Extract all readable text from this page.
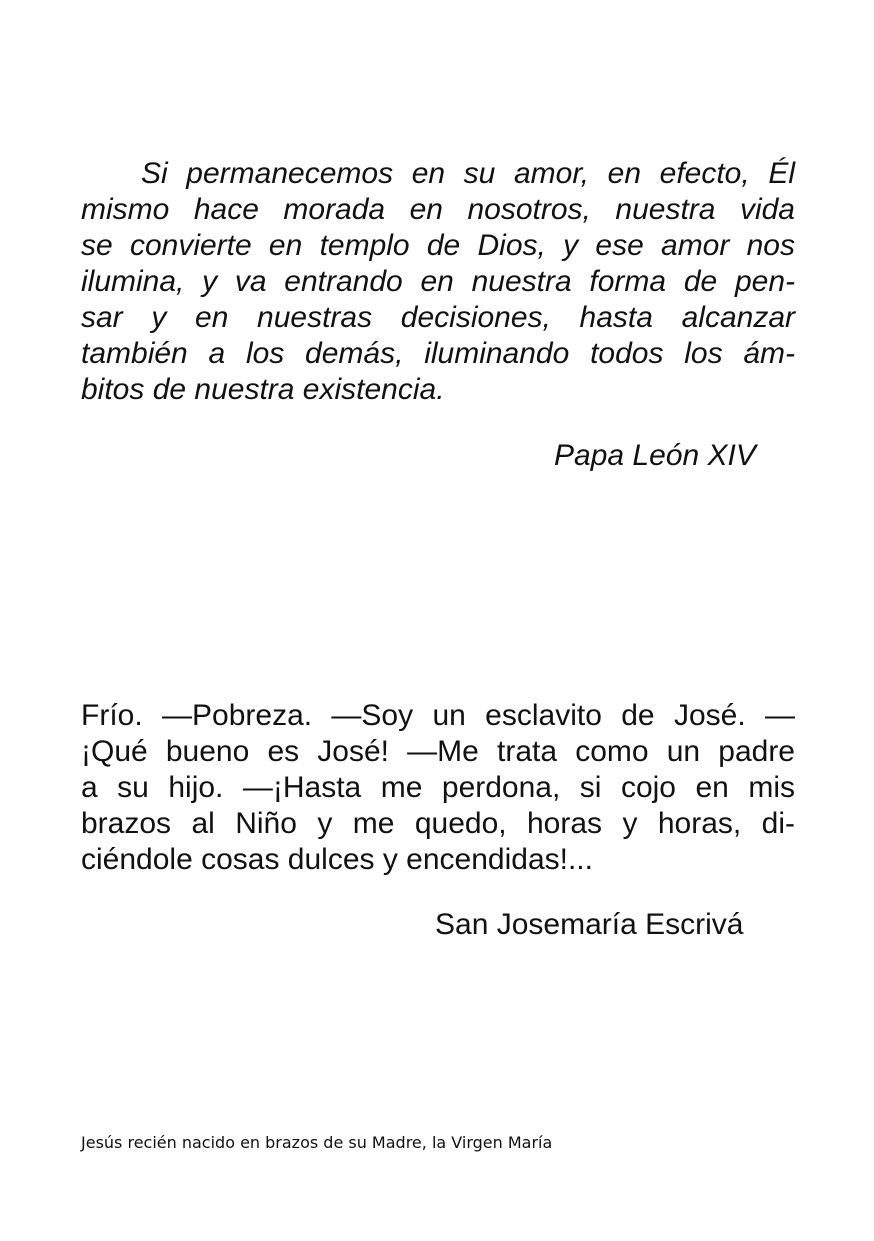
Si permanecemos en su amor, en efecto, Él
mismo hace morada en nosotros, nuestra vida
se convierte en templo de Dios, y ese amor nos
ilumina, y va entrando en nuestra forma de pen-
sar y en nuestras decisiones, hasta alcanzar
también a los demás, iluminando todos los ám-
bitos de nuestra existencia.

Papa León XIV

Frío. —Pobreza. —Soy un esclavito de José. —
¡Qué bueno es José! —Me trata como un padre
a su hijo. —¡Hasta me perdona, si cojo en mis
brazos al Niño y me quedo, horas y horas, di-
ciéndole cosas dulces y encendidas!...

San Josemaría Escrivá

Jesús recién nacido en brazos de su Madre, la Virgen María
